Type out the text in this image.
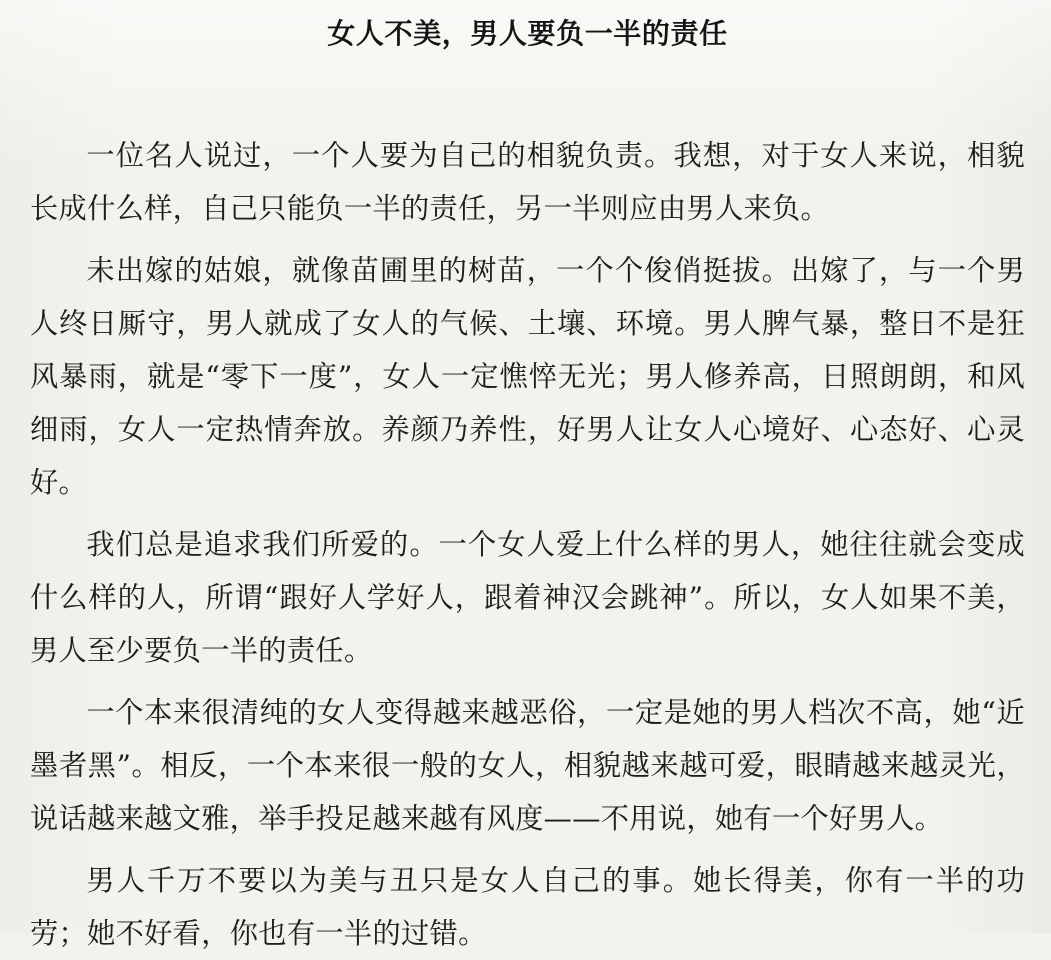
女人不美，男人要负一半的责任

一位名人说过，一个人要为自己的相貌负责。我想，对于女人来说，相貌长成什么样，自己只能负一半的责任，另一半则应由男人来负。

未出嫁的姑娘，就像苗圃里的树苗，一个个俊俏挺拔。出嫁了，与一个男人终日厮守，男人就成了女人的气候、土壤、环境。男人脾气暴，整日不是狂风暴雨，就是“零下一度”，女人一定憔悴无光；男人修养高，日照朗朗，和风细雨，女人一定热情奔放。养颜乃养性，好男人让女人心境好、心态好、心灵好。

我们总是追求我们所爱的。一个女人爱上什么样的男人，她往往就会变成什么样的人，所谓“跟好人学好人，跟着神汉会跳神”。所以，女人如果不美，男人至少要负一半的责任。

一个本来很清纯的女人变得越来越恶俗，一定是她的男人档次不高，她“近墨者黑”。相反，一个本来很一般的女人，相貌越来越可爱，眼睛越来越灵光，说话越来越文雅，举手投足越来越有风度——不用说，她有一个好男人。

男人千万不要以为美与丑只是女人自己的事。她长得美，你有一半的功劳；她不好看，你也有一半的过错。
